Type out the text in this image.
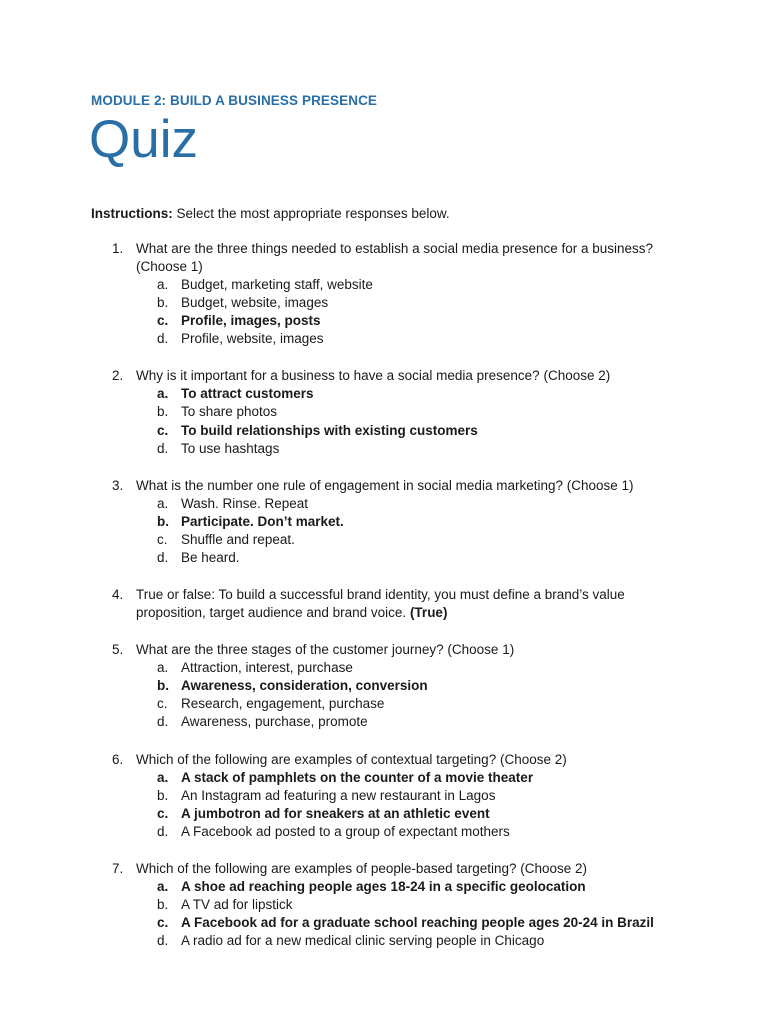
MODULE 2: BUILD A BUSINESS PRESENCE
Quiz
Instructions: Select the most appropriate responses below.
1. What are the three things needed to establish a social media presence for a business? (Choose 1)
a. Budget, marketing staff, website
b. Budget, website, images
c. Profile, images, posts
d. Profile, website, images
2. Why is it important for a business to have a social media presence? (Choose 2)
a. To attract customers
b. To share photos
c. To build relationships with existing customers
d. To use hashtags
3. What is the number one rule of engagement in social media marketing? (Choose 1)
a. Wash. Rinse. Repeat
b. Participate. Don’t market.
c. Shuffle and repeat.
d. Be heard.
4. True or false: To build a successful brand identity, you must define a brand’s value proposition, target audience and brand voice. (True)
5. What are the three stages of the customer journey? (Choose 1)
a. Attraction, interest, purchase
b. Awareness, consideration, conversion
c. Research, engagement, purchase
d. Awareness, purchase, promote
6. Which of the following are examples of contextual targeting? (Choose 2)
a. A stack of pamphlets on the counter of a movie theater
b. An Instagram ad featuring a new restaurant in Lagos
c. A jumbotron ad for sneakers at an athletic event
d. A Facebook ad posted to a group of expectant mothers
7. Which of the following are examples of people-based targeting? (Choose 2)
a. A shoe ad reaching people ages 18-24 in a specific geolocation
b. A TV ad for lipstick
c. A Facebook ad for a graduate school reaching people ages 20-24 in Brazil
d. A radio ad for a new medical clinic serving people in Chicago
